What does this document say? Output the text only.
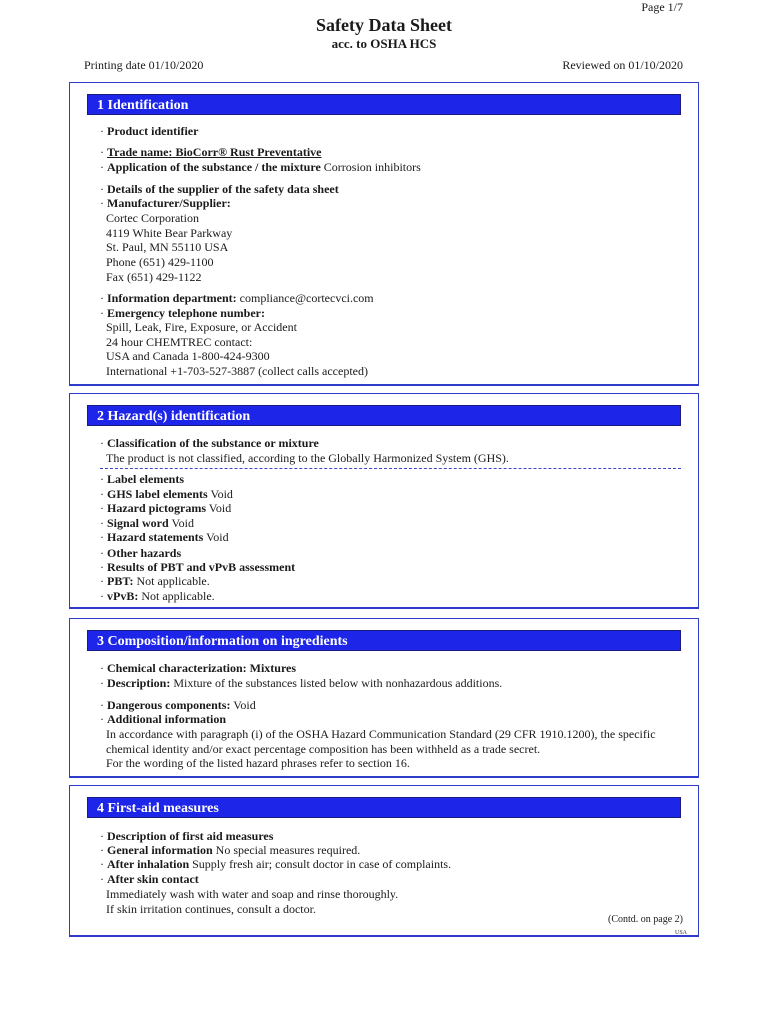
Page 1/7
Safety Data Sheet
acc. to OSHA HCS
Printing date 01/10/2020	Reviewed on 01/10/2020
1 Identification
· Product identifier
· Trade name: BioCorr® Rust Preventative
· Application of the substance / the mixture Corrosion inhibitors
· Details of the supplier of the safety data sheet
· Manufacturer/Supplier:
Cortec Corporation
4119 White Bear Parkway
St. Paul, MN 55110 USA
Phone (651) 429-1100
Fax (651) 429-1122
· Information department: compliance@cortecvci.com
· Emergency telephone number:
Spill, Leak, Fire, Exposure, or Accident
24 hour CHEMTREC contact:
USA and Canada 1-800-424-9300
International +1-703-527-3887 (collect calls accepted)
2 Hazard(s) identification
· Classification of the substance or mixture
The product is not classified, according to the Globally Harmonized System (GHS).
· Label elements
· GHS label elements Void
· Hazard pictograms Void
· Signal word Void
· Hazard statements Void
· Other hazards
· Results of PBT and vPvB assessment
· PBT: Not applicable.
· vPvB: Not applicable.
3 Composition/information on ingredients
· Chemical characterization: Mixtures
· Description: Mixture of the substances listed below with nonhazardous additions.
· Dangerous components: Void
· Additional information
In accordance with paragraph (i) of the OSHA Hazard Communication Standard (29 CFR 1910.1200), the specific
chemical identity and/or exact percentage composition has been withheld as a trade secret.
For the wording of the listed hazard phrases refer to section 16.
4 First-aid measures
· Description of first aid measures
· General information No special measures required.
· After inhalation Supply fresh air; consult doctor in case of complaints.
· After skin contact
Immediately wash with water and soap and rinse thoroughly.
If skin irritation continues, consult a doctor.
(Contd. on page 2)
USA
